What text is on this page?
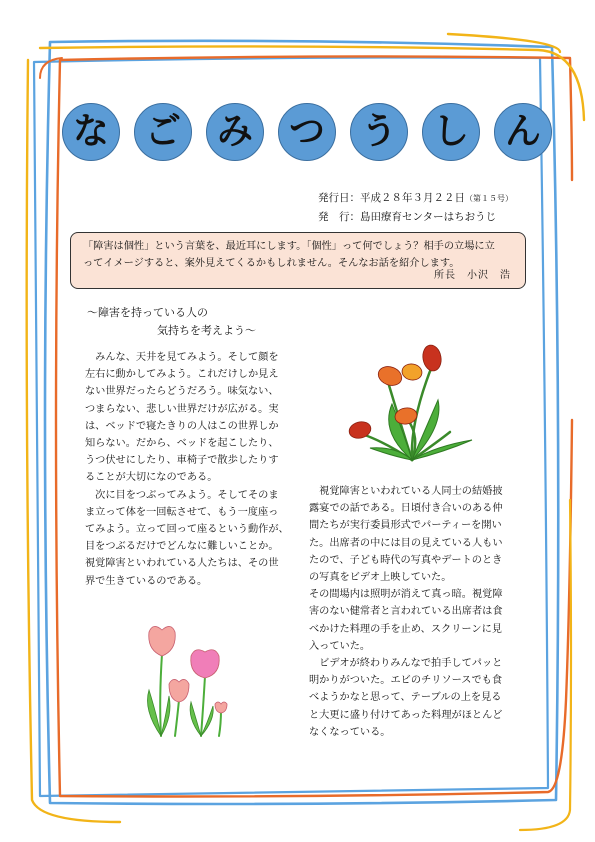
な ご み つ う し ん
発行日：平成２８年３月２２日（第１５号）
発　行：島田療育センターはちおうじ
「障害は個性」という言葉を、最近耳にします。「個性」って何でしょう？相手の立場に立
ってイメージすると、案外見えてくるかもしれません。そんなお話を紹介します。
所長　小沢　浩
～障害を持っている人の
気持ちを考えよう～

　みんな、天井を見てみよう。そして顔を

左右に動かしてみよう。これだけしか見え

ない世界だったらどうだろう。味気ない、

つまらない、悲しい世界だけが広がる。実

は、ベッドで寝たきりの人はこの世界しか

知らない。だから、ベッドを起こしたり、

うつ伏せにしたり、車椅子で散歩したりす

ることが大切になのである。

　次に目をつぶってみよう。そしてそのま

ま立って体を一回転させて、もう一度座っ

てみよう。立って回って座るという動作が、

目をつぶるだけでどんなに難しいことか。

視覚障害といわれている人たちは、その世

界で生きているのである。

　視覚障害といわれている人同士の結婚披

露宴での話である。日頃付き合いのある仲

間たちが実行委員形式でパーティーを開い

た。出席者の中には目の見えている人もい

たので、子ども時代の写真やデートのとき

の写真をビデオ上映していた。

その間場内は照明が消えて真っ暗。視覚障

害のない健常者と言われている出席者は食

べかけた料理の手を止め、スクリーンに見

入っていた。

　ビデオが終わりみんなで拍手してパッと

明かりがついた。エビのチリソースでも食

べようかなと思って、テーブルの上を見る

と大更に盛り付けてあった料理がほとんど

なくなっている。
